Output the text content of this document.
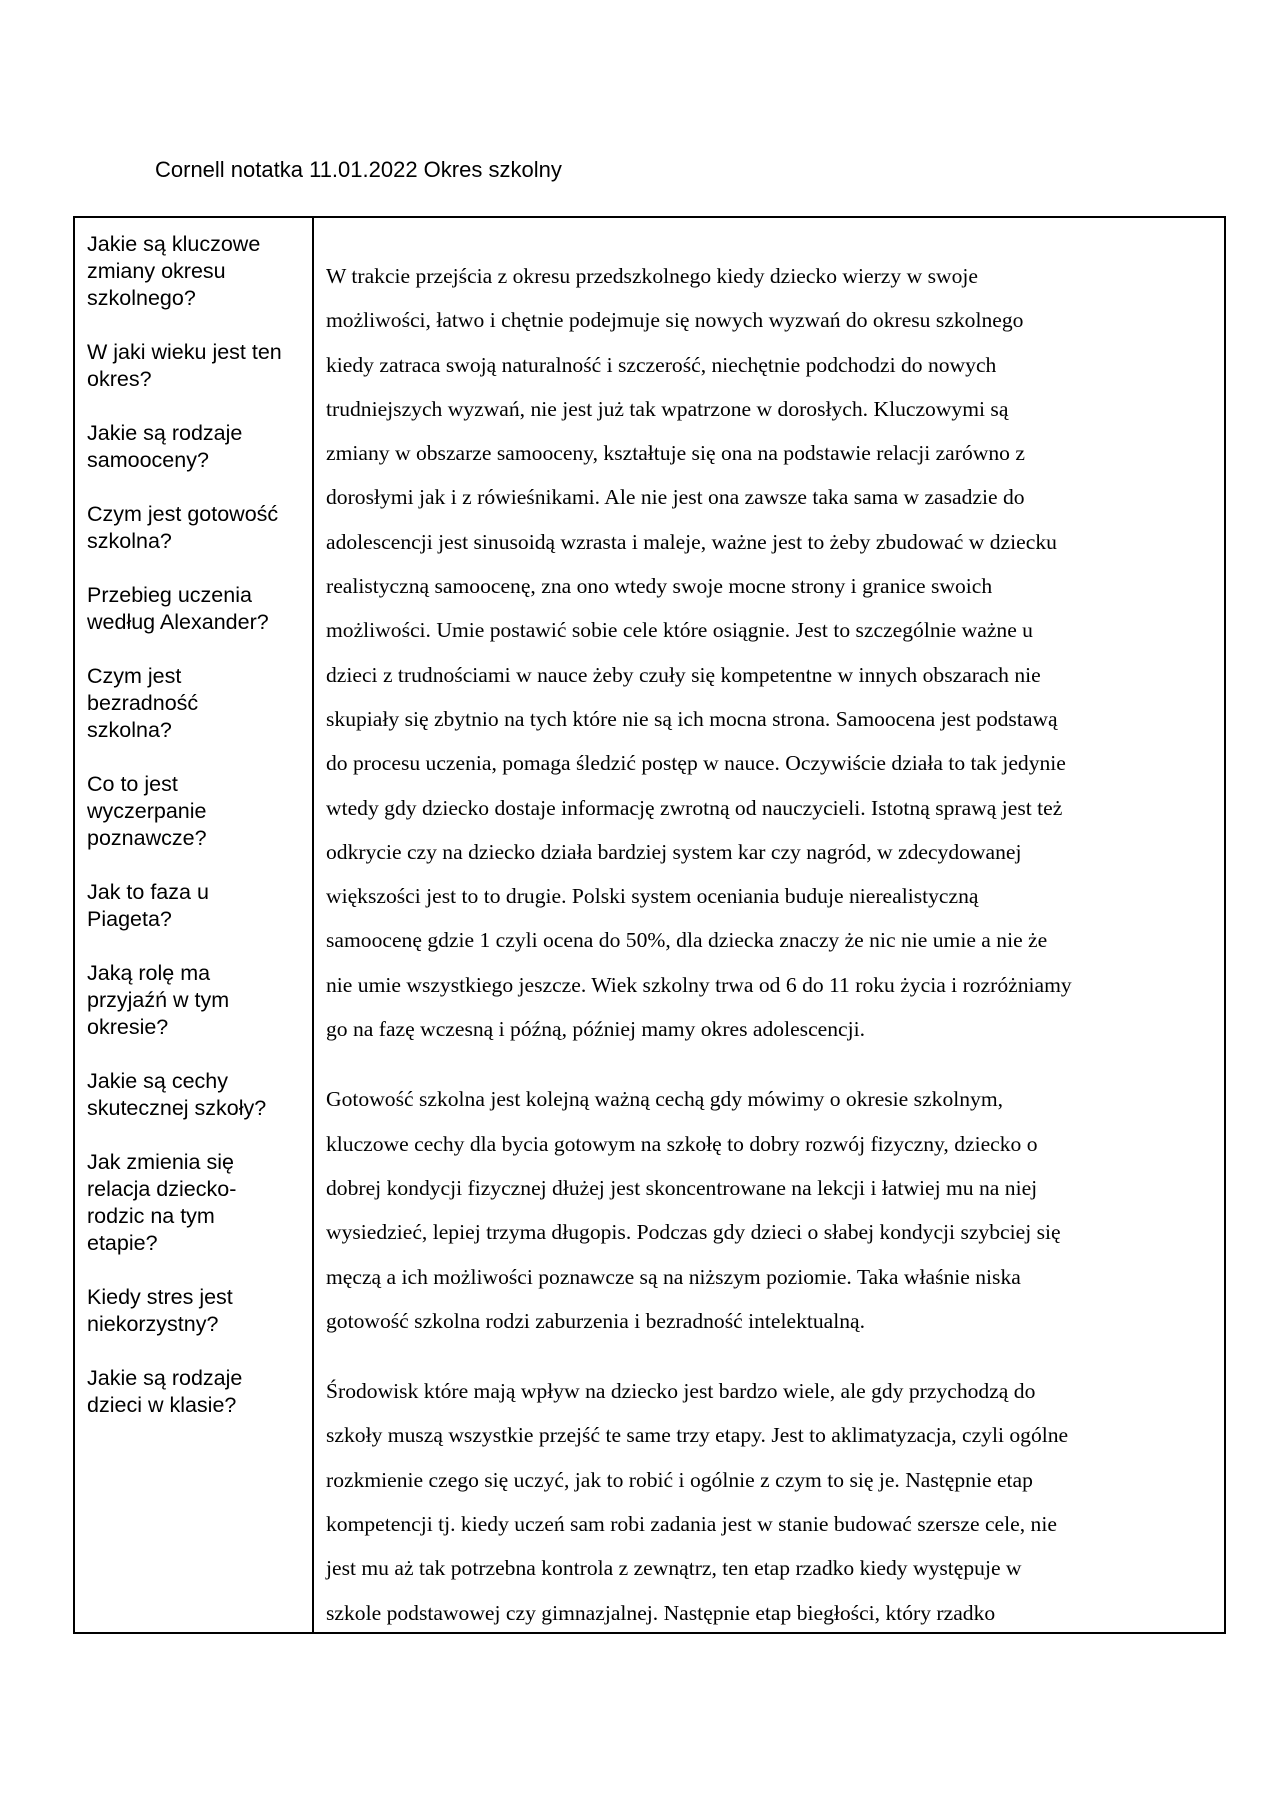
Cornell notatka 11.01.2022 Okres szkolny
Jakie są kluczowe
zmiany okresu
szkolnego?
W jaki wieku jest ten
okres?
Jakie są rodzaje
samooceny?
Czym jest gotowość
szkolna?
Przebieg uczenia
według Alexander?
Czym jest
bezradność
szkolna?
Co to jest
wyczerpanie
poznawcze?
Jak to faza u
Piageta?
Jaką rolę ma
przyjaźń w tym
okresie?
Jakie są cechy
skutecznej szkoły?
Jak zmienia się
relacja dziecko-
rodzic na tym
etapie?
Kiedy stres jest
niekorzystny?
Jakie są rodzaje
dzieci w klasie?
W trakcie przejścia z okresu przedszkolnego kiedy dziecko wierzy w swoje
możliwości, łatwo i chętnie podejmuje się nowych wyzwań do okresu szkolnego
kiedy zatraca swoją naturalność i szczerość, niechętnie podchodzi do nowych
trudniejszych wyzwań, nie jest już tak wpatrzone w dorosłych. Kluczowymi są
zmiany w obszarze samooceny, kształtuje się ona na podstawie relacji zarówno z
dorosłymi jak i z rówieśnikami. Ale nie jest ona zawsze taka sama w zasadzie do
adolescencji jest sinusoidą wzrasta i maleje, ważne jest to żeby zbudować w dziecku
realistyczną samoocenę, zna ono wtedy swoje mocne strony i granice swoich
możliwości. Umie postawić sobie cele które osiągnie. Jest to szczególnie ważne u
dzieci z trudnościami w nauce żeby czuły się kompetentne w innych obszarach nie
skupiały się zbytnio na tych które nie są ich mocna strona. Samoocena jest podstawą
do procesu uczenia, pomaga śledzić postęp w nauce. Oczywiście działa to tak jedynie
wtedy gdy dziecko dostaje informację zwrotną od nauczycieli. Istotną sprawą jest też
odkrycie czy na dziecko działa bardziej system kar czy nagród, w zdecydowanej
większości jest to to drugie. Polski system oceniania buduje nierealistyczną
samoocenę gdzie 1 czyli ocena do 50%, dla dziecka znaczy że nic nie umie a nie że
nie umie wszystkiego jeszcze. Wiek szkolny trwa od 6 do 11 roku życia i rozróżniamy
go na fazę wczesną i późną, później mamy okres adolescencji.
Gotowość szkolna jest kolejną ważną cechą gdy mówimy o okresie szkolnym,
kluczowe cechy dla bycia gotowym na szkołę to dobry rozwój fizyczny, dziecko o
dobrej kondycji fizycznej dłużej jest skoncentrowane na lekcji i łatwiej mu na niej
wysiedzieć, lepiej trzyma długopis. Podczas gdy dzieci o słabej kondycji szybciej się
męczą a ich możliwości poznawcze są na niższym poziomie. Taka właśnie niska
gotowość szkolna rodzi zaburzenia i bezradność intelektualną.
Środowisk które mają wpływ na dziecko jest bardzo wiele, ale gdy przychodzą do
szkoły muszą wszystkie przejść te same trzy etapy. Jest to aklimatyzacja, czyli ogólne
rozkmienie czego się uczyć, jak to robić i ogólnie z czym to się je. Następnie etap
kompetencji tj. kiedy uczeń sam robi zadania jest w stanie budować szersze cele, nie
jest mu aż tak potrzebna kontrola z zewnątrz, ten etap rzadko kiedy występuje w
szkole podstawowej czy gimnazjalnej. Następnie etap biegłości, który rzadko
